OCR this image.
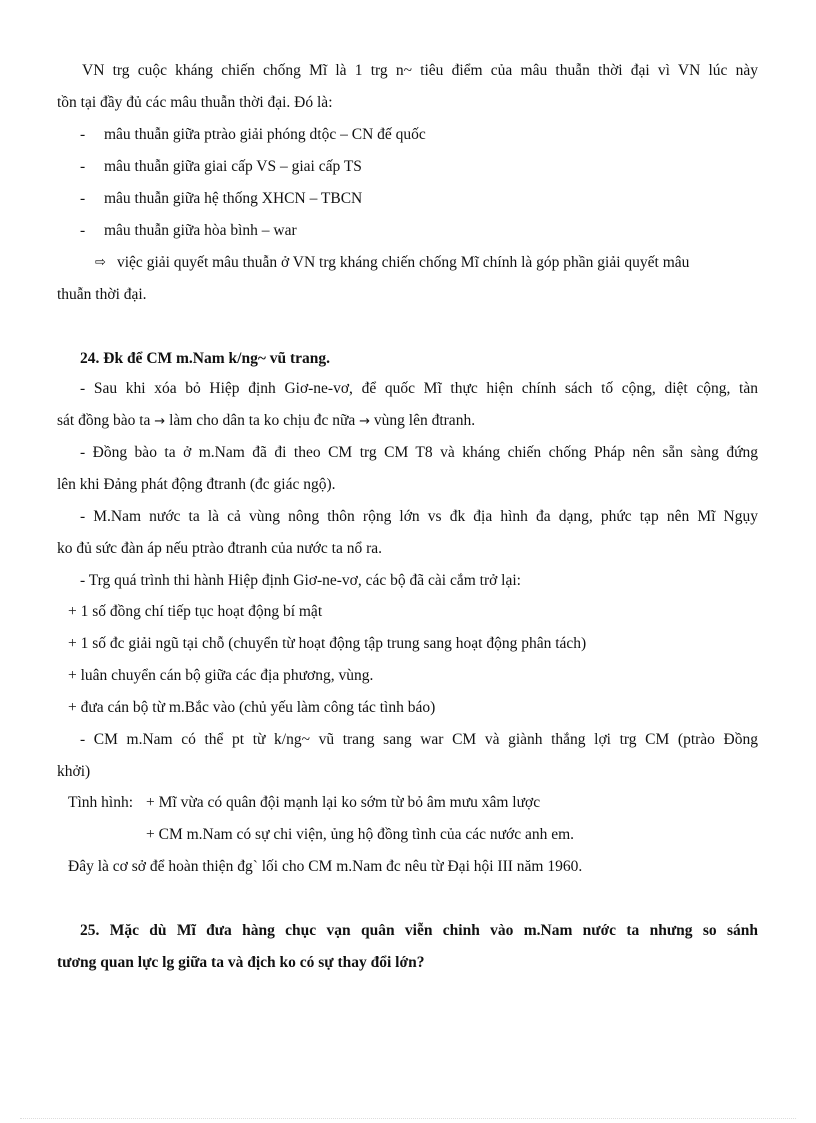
VN trg cuộc kháng chiến chống Mĩ là 1 trg n~ tiêu điểm của mâu thuẫn thời đại vì VN lúc này
tồn tại đầy đủ các mâu thuẫn thời đại. Đó là:
- mâu thuẫn giữa ptrào giải phóng dtộc – CN đế quốc
- mâu thuẫn giữa giai cấp VS – giai cấp TS
- mâu thuẫn giữa hệ thống XHCN – TBCN
- mâu thuẫn giữa hòa bình – war
⇨ việc giải quyết mâu thuẫn ở VN trg kháng chiến chống Mĩ chính là góp phần giải quyết mâu
thuẫn thời đại.
24. Đk để CM m.Nam k/ng~ vũ trang.
- Sau khi xóa bỏ Hiệp định Giơ-ne-vơ, để quốc Mĩ thực hiện chính sách tố cộng, diệt cộng, tàn
sát đồng bào ta → làm cho dân ta ko chịu đc nữa → vùng lên đtranh.
- Đồng bào ta ở m.Nam đã đi theo CM trg CM T8 và kháng chiến chống Pháp nên sẵn sàng đứng
lên khi Đảng phát động đtranh (đc giác ngộ).
- M.Nam nước ta là cả vùng nông thôn rộng lớn vs đk địa hình đa dạng, phức tạp nên Mĩ Ngụy
ko đủ sức đàn áp nếu ptrào đtranh của nước ta nổ ra.
- Trg quá trình thi hành Hiệp định Giơ-ne-vơ, các bộ đã cài cắm trở lại:
+ 1 số đồng chí tiếp tục hoạt động bí mật
+ 1 số đc giải ngũ tại chỗ (chuyển từ hoạt động tập trung sang hoạt động phân tách)
+ luân chuyển cán bộ giữa các địa phương, vùng.
+ đưa cán bộ từ m.Bắc vào (chủ yếu làm công tác tình báo)
- CM m.Nam có thể pt từ k/ng~ vũ trang sang war CM và giành thắng lợi trg CM (ptrào Đồng
khởi)
Tình hình: + Mĩ vừa có quân đội mạnh lại ko sớm từ bỏ âm mưu xâm lược
+ CM m.Nam có sự chi viện, ủng hộ đồng tình của các nước anh em.
Đây là cơ sở để hoàn thiện đg` lối cho CM m.Nam đc nêu từ Đại hội III năm 1960.
25. Mặc dù Mĩ đưa hàng chục vạn quân viễn chinh vào m.Nam nước ta nhưng so sánh
tương quan lực lg giữa ta và địch ko có sự thay đổi lớn?
